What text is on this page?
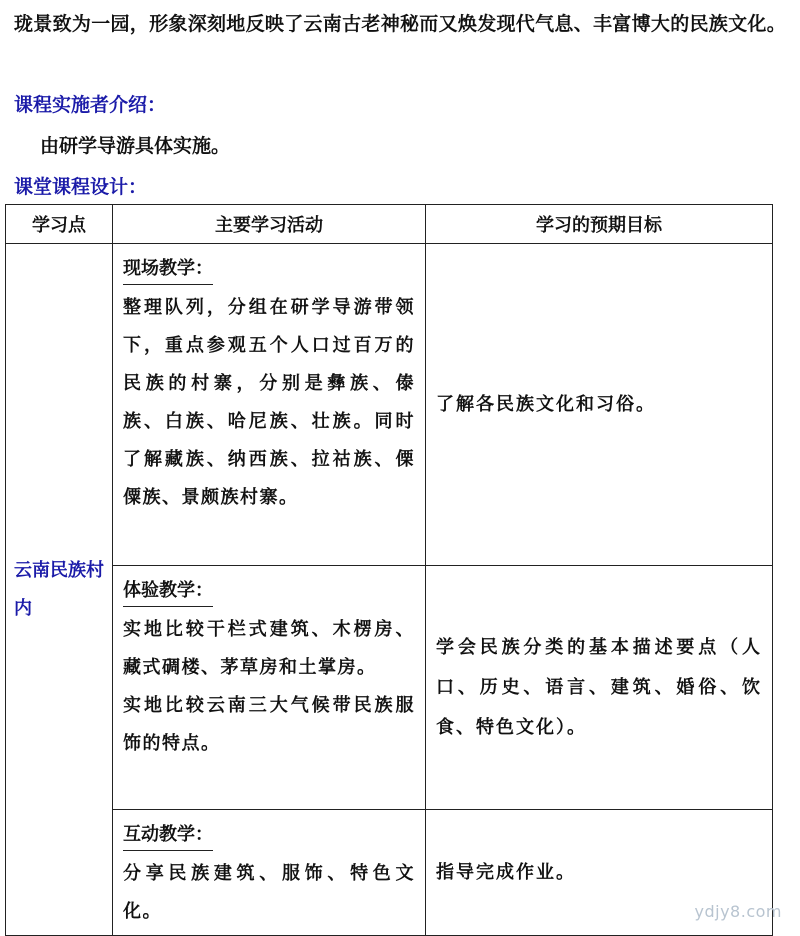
珑景致为一园，形象深刻地反映了云南古老神秘而又焕发现代气息、丰富博大的民族文化。
课程实施者介绍：
由研学导游具体实施。
课堂课程设计：
学习点	主要学习活动	学习的预期目标
云南民族村内	现场教学：
整理队列，分组在研学导游带领下，重点参观五个人口过百万的民族的村寨，分别是彝族、傣族、白族、哈尼族、壮族。同时了解藏族、纳西族、拉祜族、傈僳族、景颇族村寨。	了解各民族文化和习俗。

	体验教学：
实地比较干栏式建筑、木楞房、藏式碉楼、茅草房和土掌房。
实地比较云南三大气候带民族服饰的特点。	学会民族分类的基本描述要点（人口、历史、语言、建筑、婚俗、饮食、特色文化）。

	互动教学：
分享民族建筑、服饰、特色文化。	指导完成作业。
ydjy8.com
